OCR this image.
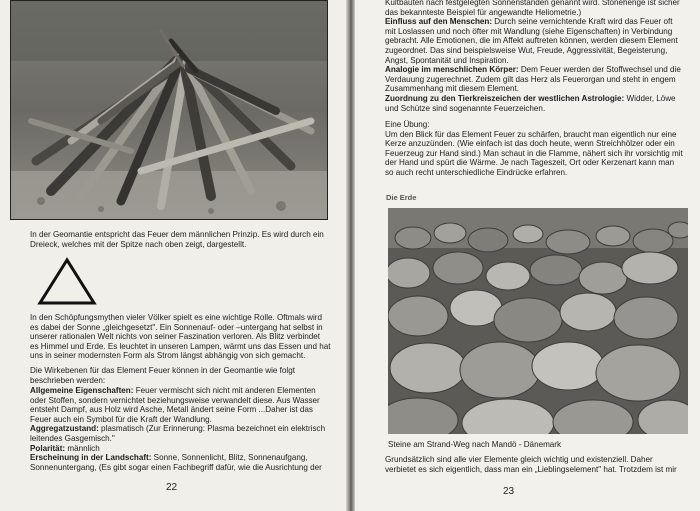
In der Geomantie entspricht das Feuer dem männlichen Prinzip. Es wird durch ein
Dreieck, welches mit der Spitze nach oben zeigt, dargestellt.

In den Schöpfungsmythen vieler Völker spielt es eine wichtige Rolle. Oftmals wird
es dabei der Sonne „gleichgesetzt". Ein Sonnenauf- oder –untergang hat selbst in
unserer rationalen Welt nichts von seiner Faszination verloren. Als Blitz verbindet
es Himmel und Erde. Es leuchtet in unseren Lampen, wärmt uns das Essen und hat
uns in seiner modernsten Form als Strom längst abhängig von sich gemacht.

Die Wirkebenen für das Element Feuer können in der Geomantie wie folgt
beschrieben werden:

Allgemeine Eigenschaften: Feuer vermischt sich nicht mit anderen Elementen
oder Stoffen, sondern vernichtet beziehungsweise verwandelt diese. Aus Wasser
entsteht Dampf, aus Holz wird Asche, Metall ändert seine Form ...Daher ist das
Feuer auch ein Symbol für die Kraft der Wandlung.
Aggregatzustand: plasmatisch (Zur Erinnerung: Plasma bezeichnet ein elektrisch
leitendes Gasgemisch."
Polarität: männlich
Erscheinung in der Landschaft: Sonne, Sonnenlicht, Blitz, Sonnenaufgang,
Sonnenuntergang, (Es gibt sogar einen Fachbegriff dafür, wie die Ausrichtung der

22

Kultbauten nach festgelegten Sonnenständen genannt wird. Stonehenge ist sicher
das bekannteste Beispiel für angewandte Heliometrie.)
Einfluss auf den Menschen: Durch seine vernichtende Kraft wird das Feuer oft
mit Loslassen und noch öfter mit Wandlung (siehe Eigenschaften) in Verbindung
gebracht. Alle Emotionen, die im Affekt auftreten können, werden diesem Element
zugeordnet. Das sind beispielsweise Wut, Freude, Aggressivität, Begeisterung,
Angst, Spontanität und Inspiration.
Analogie im menschlichen Körper: Dem Feuer werden der Stoffwechsel und die
Verdauung zugerechnet. Zudem gilt das Herz als Feuerorgan und steht in engem
Zusammenhang mit diesem Element.
Zuordnung zu den Tierkreiszeichen der westlichen Astrologie: Widder, Löwe
und Schütze sind sogenannte Feuerzeichen.

Eine Übung:
Um den Blick für das Element Feuer zu schärfen, braucht man eigentlich nur eine
Kerze anzuzünden. (Wie einfach ist das doch heute, wenn Streichhölzer oder ein
Feuerzeug zur Hand sind.) Man schaut in die Flamme, nähert sich ihr vorsichtig mit
der Hand und spürt die Wärme. Je nach Tageszeit, Ort oder Kerzenart kann man
so auch recht unterschiedliche Eindrücke erfahren.

Die Erde
Steine am Strand-Weg nach Mandö - Dänemark

Grundsätzlich sind alle vier Elemente gleich wichtig und existenziell. Daher
verbietet es sich eigentlich, dass man ein „Lieblingselement" hat. Trotzdem ist mir

23
